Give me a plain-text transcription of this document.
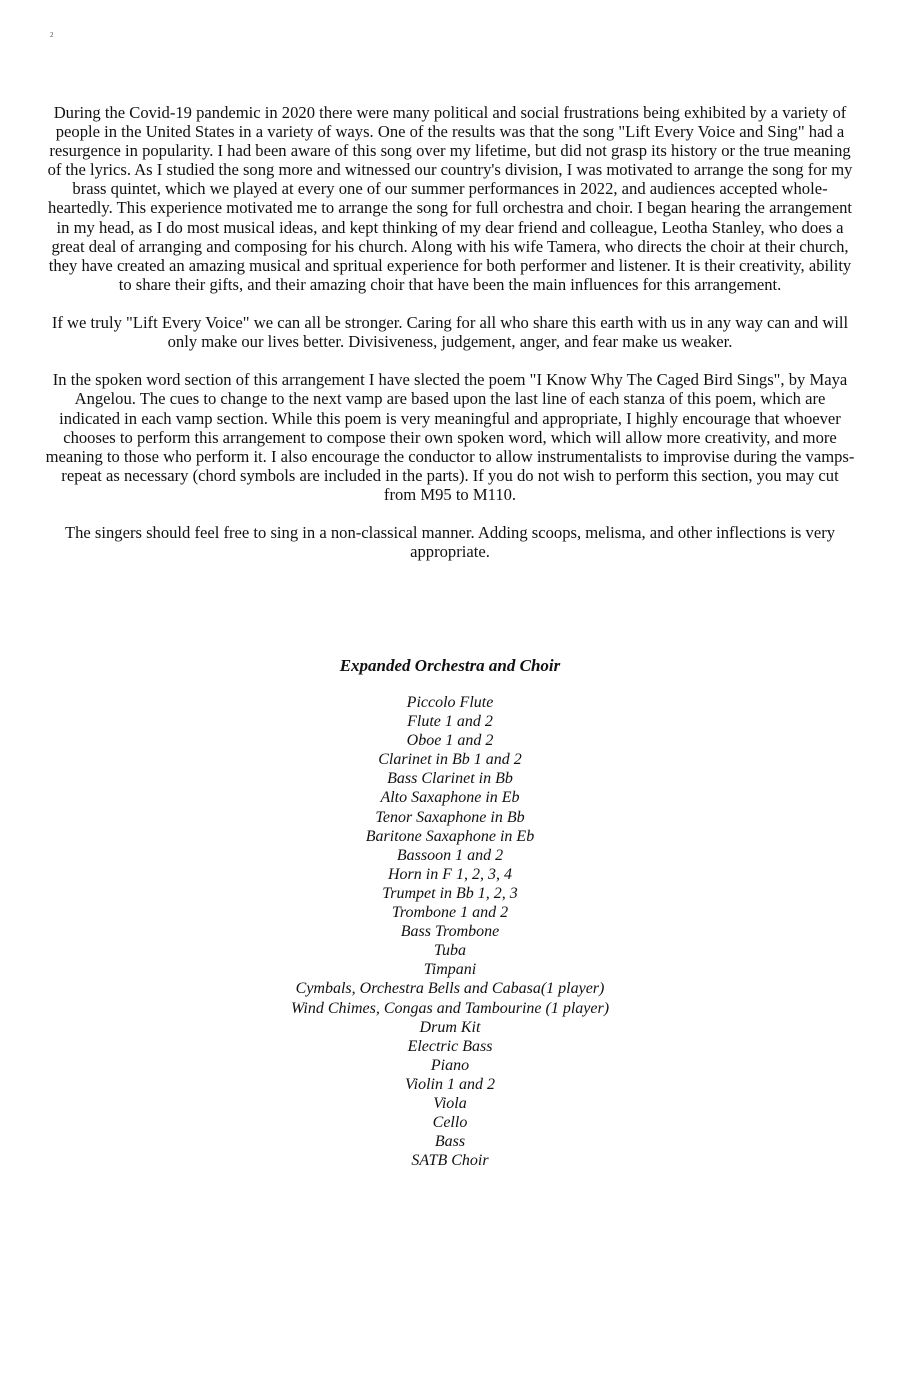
2

During the Covid-19 pandemic in 2020 there were many political and social frustrations being exhibited by a variety of people in the United States in a variety of ways. One of the results was that the song "Lift Every Voice and Sing" had a resurgence in popularity. I had been aware of this song over my lifetime, but did not grasp its history or the true meaning of the lyrics. As I studied the song more and witnessed our country's division, I was motivated to arrange the song for my brass quintet, which we played at every one of our summer performances in 2022, and audiences accepted whole-heartedly. This experience motivated me to arrange the song for full orchestra and choir. I began hearing the arrangement in my head, as I do most musical ideas, and kept thinking of my dear friend and colleague, Leotha Stanley, who does a great deal of arranging and composing for his church. Along with his wife Tamera, who directs the choir at their church, they have created an amazing musical and spritual experience for both performer and listener. It is their creativity, ability to share their gifts, and their amazing choir that have been the main influences for this arrangement.

If we truly "Lift Every Voice" we can all be stronger. Caring for all who share this earth with us in any way can and will only make our lives better. Divisiveness, judgement, anger, and fear make us weaker.

In the spoken word section of this arrangement I have slected the poem "I Know Why The Caged Bird Sings", by Maya Angelou. The cues to change to the next vamp are based upon the last line of each stanza of this poem, which are indicated in each vamp section. While this poem is very meaningful and appropriate, I highly encourage that whoever chooses to perform this arrangement to compose their own spoken word, which will allow more creativity, and more meaning to those who perform it. I also encourage the conductor to allow instrumentalists to improvise during the vamps-repeat as necessary (chord symbols are included in the parts). If you do not wish to perform this section, you may cut from M95 to M110.

The singers should feel free to sing in a non-classical manner. Adding scoops, melisma, and other inflections is very appropriate.

Expanded Orchestra and Choir
Piccolo Flute
Flute 1 and 2
Oboe 1 and 2
Clarinet in Bb 1 and 2
Bass Clarinet in Bb
Alto Saxaphone in Eb
Tenor Saxaphone in Bb
Baritone Saxaphone in Eb
Bassoon 1 and 2
Horn in F 1, 2, 3, 4
Trumpet in Bb 1, 2, 3
Trombone 1 and 2
Bass Trombone
Tuba
Timpani
Cymbals, Orchestra Bells and Cabasa(1 player)
Wind Chimes, Congas and Tambourine (1 player)
Drum Kit
Electric Bass
Piano
Violin 1 and 2
Viola
Cello
Bass
SATB Choir
